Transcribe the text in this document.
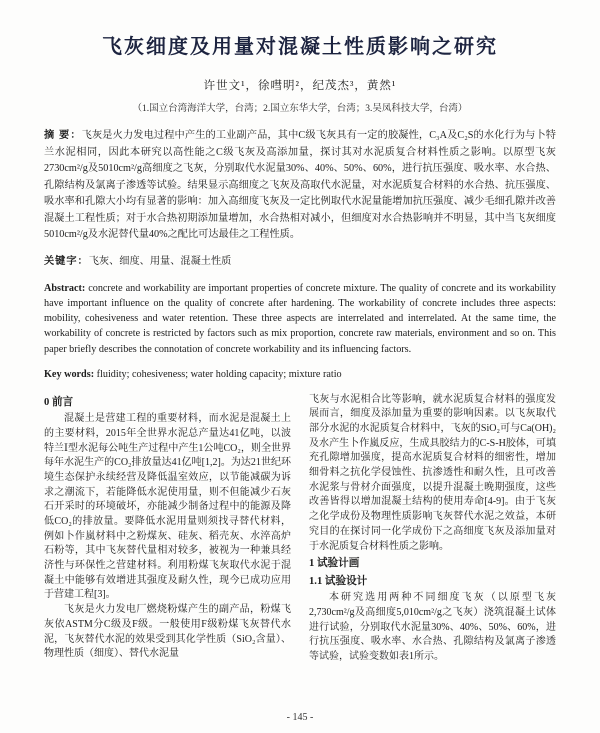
飞灰细度及用量对混凝土性质影响之研究
许世文¹，徐嘒明²，纪茂杰³，黄然¹
（1.国立台湾海洋大学，台湾；2.国立东华大学，台湾；3.吴凤科技大学，台湾）

摘 要：飞灰是火力发电过程中产生的工业副产品，其中C级飞灰具有一定的胶凝性，C₃A及C₂S的水化行为与卜特兰水泥相同，因此本研究以高性能之C级飞灰及高添加量，探讨其对水泥质复合材料性质之影响。以原型飞灰2730cm²/g及5010cm²/g高细度之飞灰，分别取代水泥量30%、40%、50%、60%，进行抗压强度、吸水率、水合热、孔隙结构及氯离子渗透等试验。结果显示高细度之飞灰及高取代水泥量，对水泥质复合材料的水合热、抗压强度、吸水率和孔隙大小均有显著的影响：加入高细度飞灰及一定比例取代水泥量能增加抗压强度、减少毛细孔隙并改善混凝土工程性质；对于水合热初期添加量增加，水合热相对减小，但细度对水合热影响并不明显，其中当飞灰细度5010cm²/g及水泥替代量40%之配比可达最佳之工程性质。

关键字：飞灰、细度、用量、混凝土性质

Abstract: concrete and workability are important properties of concrete mixture. The quality of concrete and its workability have important influence on the quality of concrete after hardening. The workability of concrete includes three aspects: mobility, cohesiveness and water retention. These three aspects are interrelated and interrelated. At the same time, the workability of concrete is restricted by factors such as mix proportion, concrete raw materials, environment and so on. This paper briefly describes the connotation of concrete workability and its influencing factors.

Key words: fluidity; cohesiveness; water holding capacity; mixture ratio

0 前言

混凝土是营建工程的重要材料，而水泥是混凝土上的主要材料，2015年全世界水泥总产量达41亿吨，以波特兰Ⅰ型水泥每公吨生产过程中产生1公吨CO₂，则全世界每年水泥生产的CO₂排放量达41亿吨[1,2]。为达21世纪环境生态保护永续经营及降低温室效应，以节能减碳为诉求之潮流下，若能降低水泥使用量，则不但能减少石灰石开采时的环境破坏，亦能减少制备过程中的能源及降低CO₂的排放量。要降低水泥用量则须找寻替代材料，例如卜作嵐材料中之粉煤灰、硅灰、稻壳灰、水淬高炉石粉等，其中飞灰替代量相对较多，被视为一种兼具经济性与环保性之营建材料。利用粉煤飞灰取代水泥于混凝土中能够有效增进其强度及耐久性，现今已成功应用于营建工程[3]。

飞灰是火力发电厂燃烧粉煤产生的副产品，粉煤飞灰依ASTM分C级及F级。一般使用F级粉煤飞灰替代水泥，飞灰替代水泥的效果受到其化学性质（SiO₂含量）、物理性质（细度）、替代水泥量

飞灰与水泥相合比等影响，就水泥质复合材料的强度发展而言，细度及添加量为重要的影响因素。以飞灰取代部分水泥的水泥质复合材料中，飞灰的SiO₂可与Ca(OH)₂及水产生卜作嵐反应，生成具胶结力的C-S-H胶体，可填充孔隙增加强度，提高水泥质复合材料的细密性，增加细骨料之抗化学侵蚀性、抗渗透性和耐久性，且可改善水泥浆与骨材介面强度，以提升混凝土晚期强度，这些改善皆得以增加混凝土结构的使用寿命[4-9]。由于飞灰之化学成份及物理性质影响飞灰替代水泥之效益，本研究目的在探讨同一化学成份下之高细度飞灰及添加量对于水泥质复合材料性质之影响。

1 试验计画
1.1 试验设计

本研究选用两种不同细度飞灰（以原型飞灰2,730cm²/g及高细度5,010cm²/g之飞灰）浇筑混凝土试体进行试验，分别取代水泥量30%、40%、50%、60%，进行抗压强度、吸水率、水合热、孔隙结构及氯离子渗透等试验，试验变数如表1所示。

- 145 -
